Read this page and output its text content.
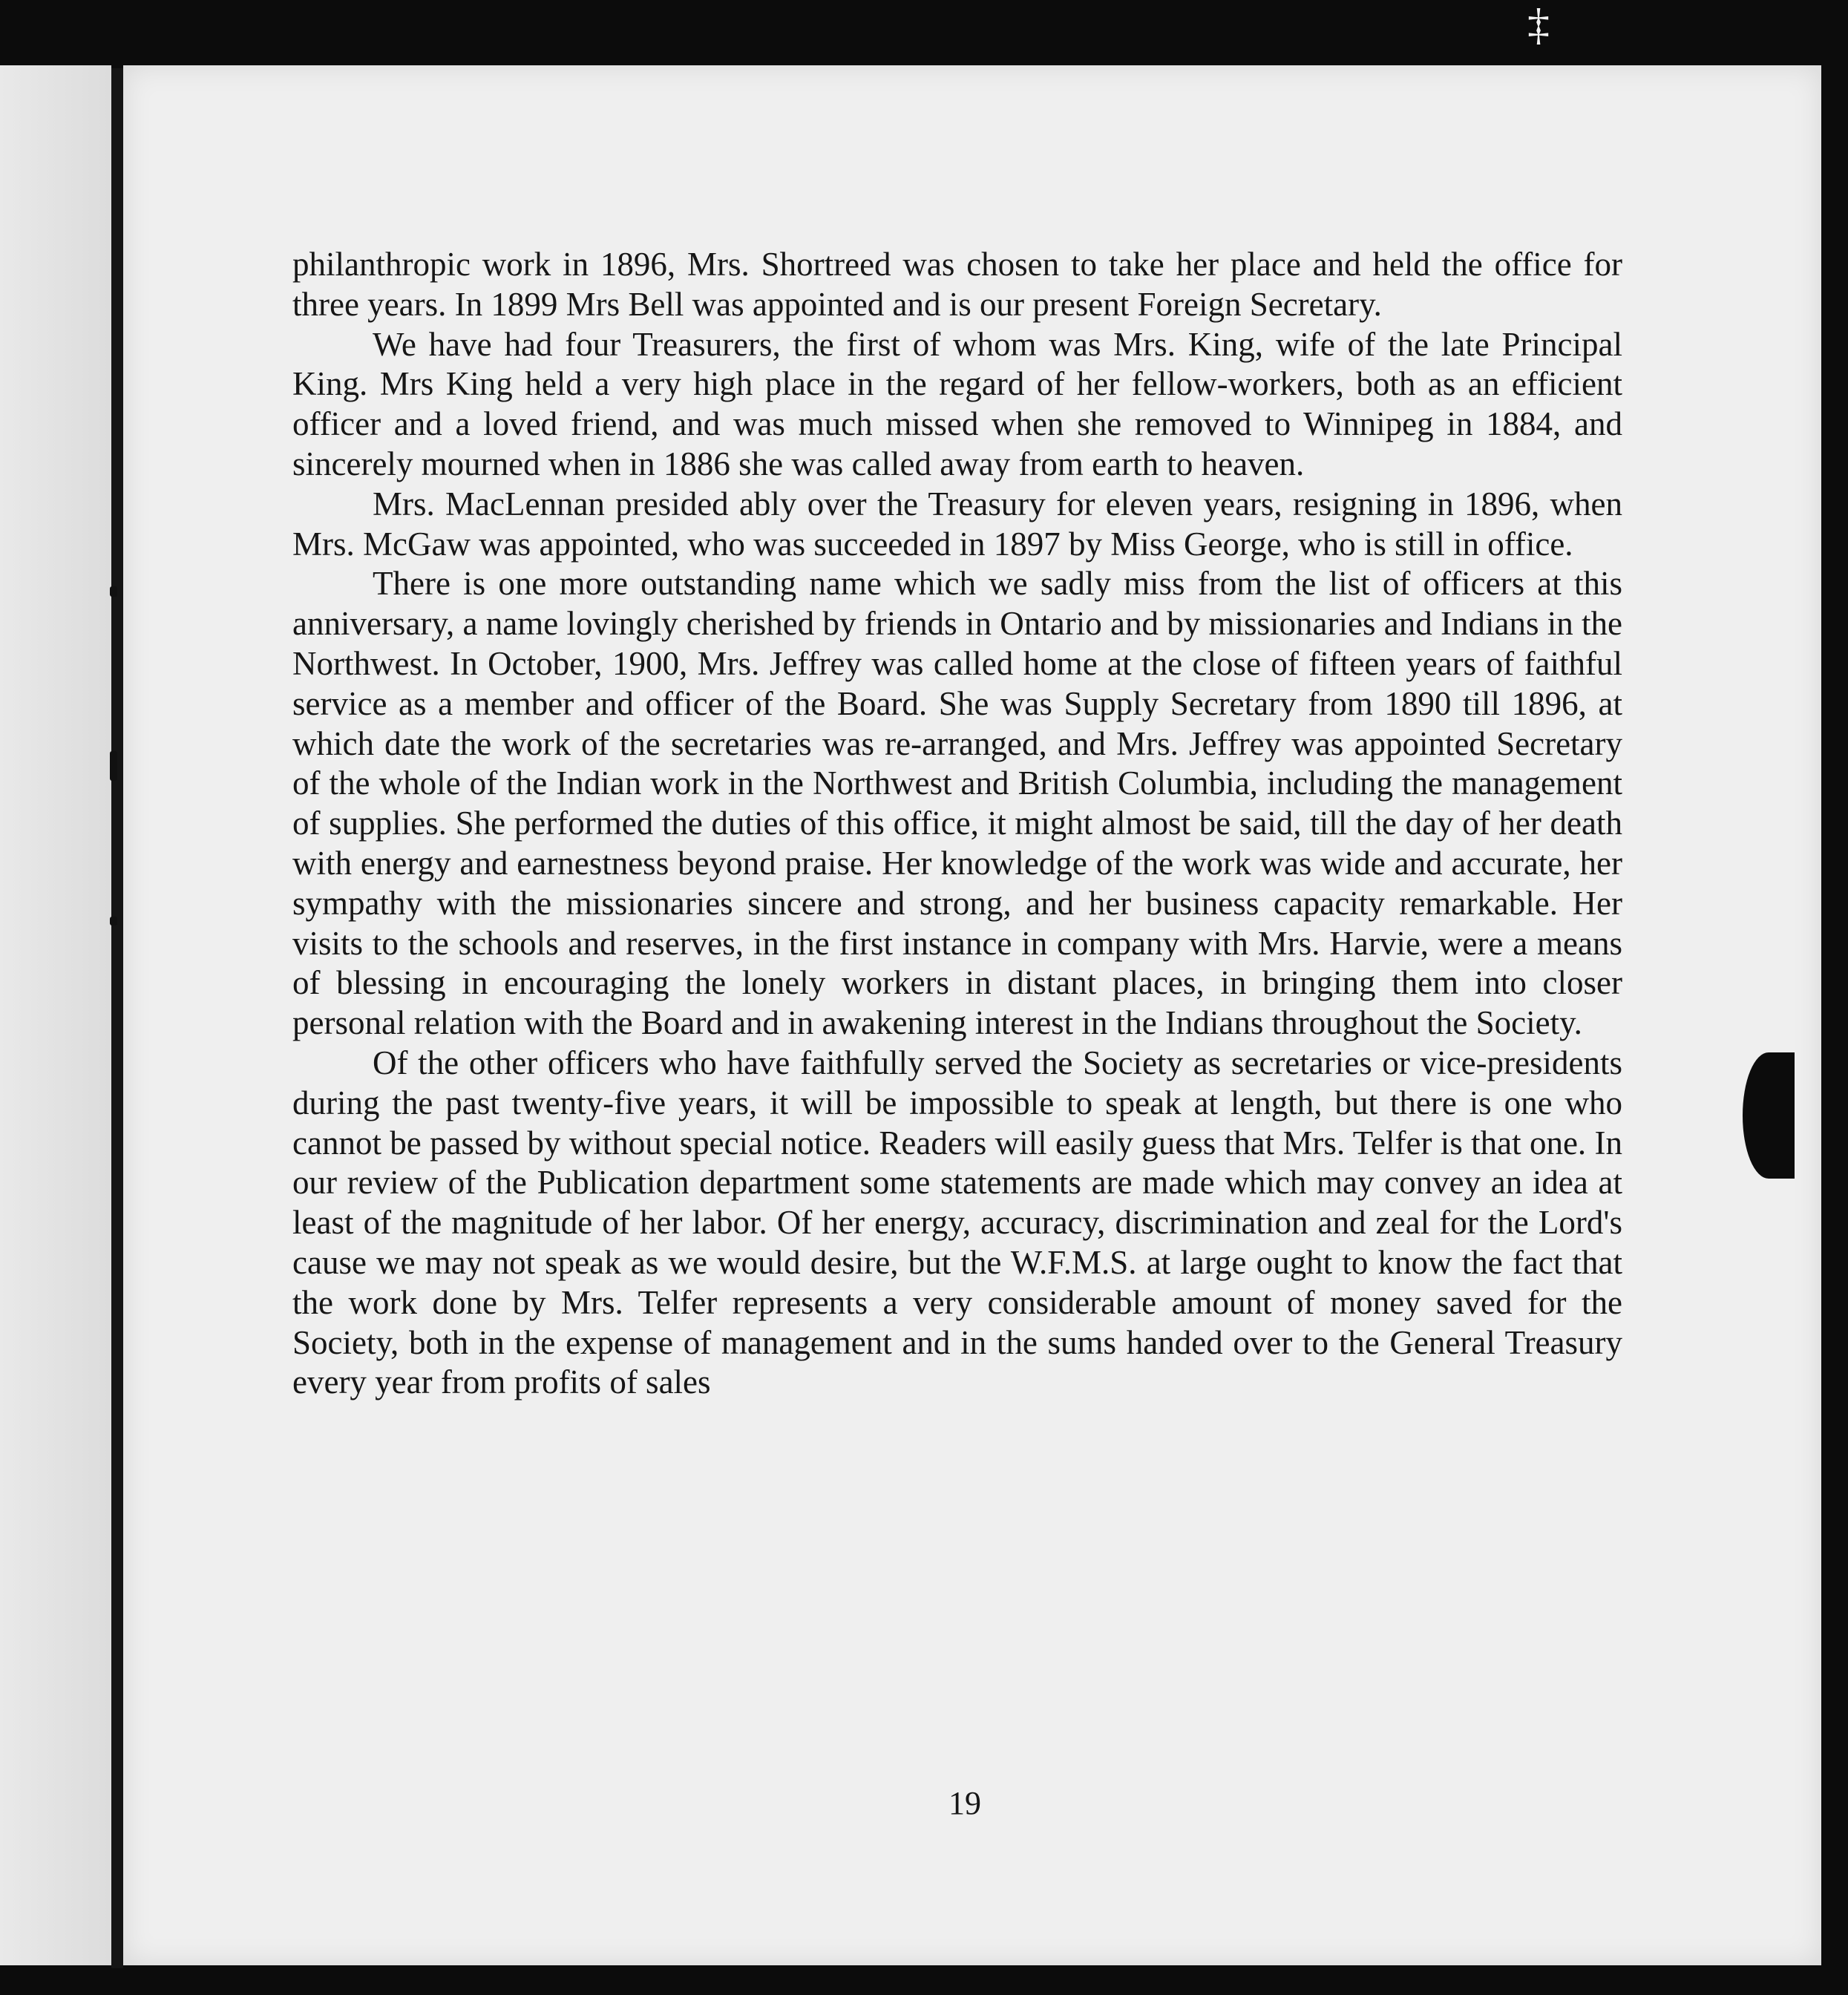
‡

philanthropic work in 1896, Mrs. Shortreed was chosen to take her place and held the office for three years. In 1899 Mrs Bell was appointed and is our present Foreign Secretary.

We have had four Treasurers, the first of whom was Mrs. King, wife of the late Principal King. Mrs King held a very high place in the regard of her fellow-workers, both as an efficient officer and a loved friend, and was much missed when she removed to Winnipeg in 1884, and sincerely mourned when in 1886 she was called away from earth to heaven.

Mrs. MacLennan presided ably over the Treasury for eleven years, resigning in 1896, when Mrs. McGaw was appointed, who was succeeded in 1897 by Miss George, who is still in office.

There is one more outstanding name which we sadly miss from the list of officers at this anniversary, a name lovingly cherished by friends in Ontario and by missionaries and Indians in the Northwest. In October, 1900, Mrs. Jeffrey was called home at the close of fifteen years of faithful service as a member and officer of the Board. She was Supply Secretary from 1890 till 1896, at which date the work of the secretaries was re-arranged, and Mrs. Jeffrey was appointed Secretary of the whole of the Indian work in the Northwest and British Columbia, including the management of supplies. She performed the duties of this office, it might almost be said, till the day of her death with energy and earnestness beyond praise. Her knowledge of the work was wide and accurate, her sympathy with the missionaries sincere and strong, and her business capacity remarkable. Her visits to the schools and reserves, in the first instance in company with Mrs. Harvie, were a means of blessing in encouraging the lonely workers in distant places, in bringing them into closer personal relation with the Board and in awakening interest in the Indians throughout the Society.

Of the other officers who have faithfully served the Society as secretaries or vice-presidents during the past twenty-five years, it will be impossible to speak at length, but there is one who cannot be passed by without special notice. Readers will easily guess that Mrs. Telfer is that one. In our review of the Publication department some statements are made which may convey an idea at least of the magnitude of her labor. Of her energy, accuracy, discrimination and zeal for the Lord's cause we may not speak as we would desire, but the W.F.M.S. at large ought to know the fact that the work done by Mrs. Telfer represents a very considerable amount of money saved for the Society, both in the expense of management and in the sums handed over to the General Treasury every year from profits of sales

19
